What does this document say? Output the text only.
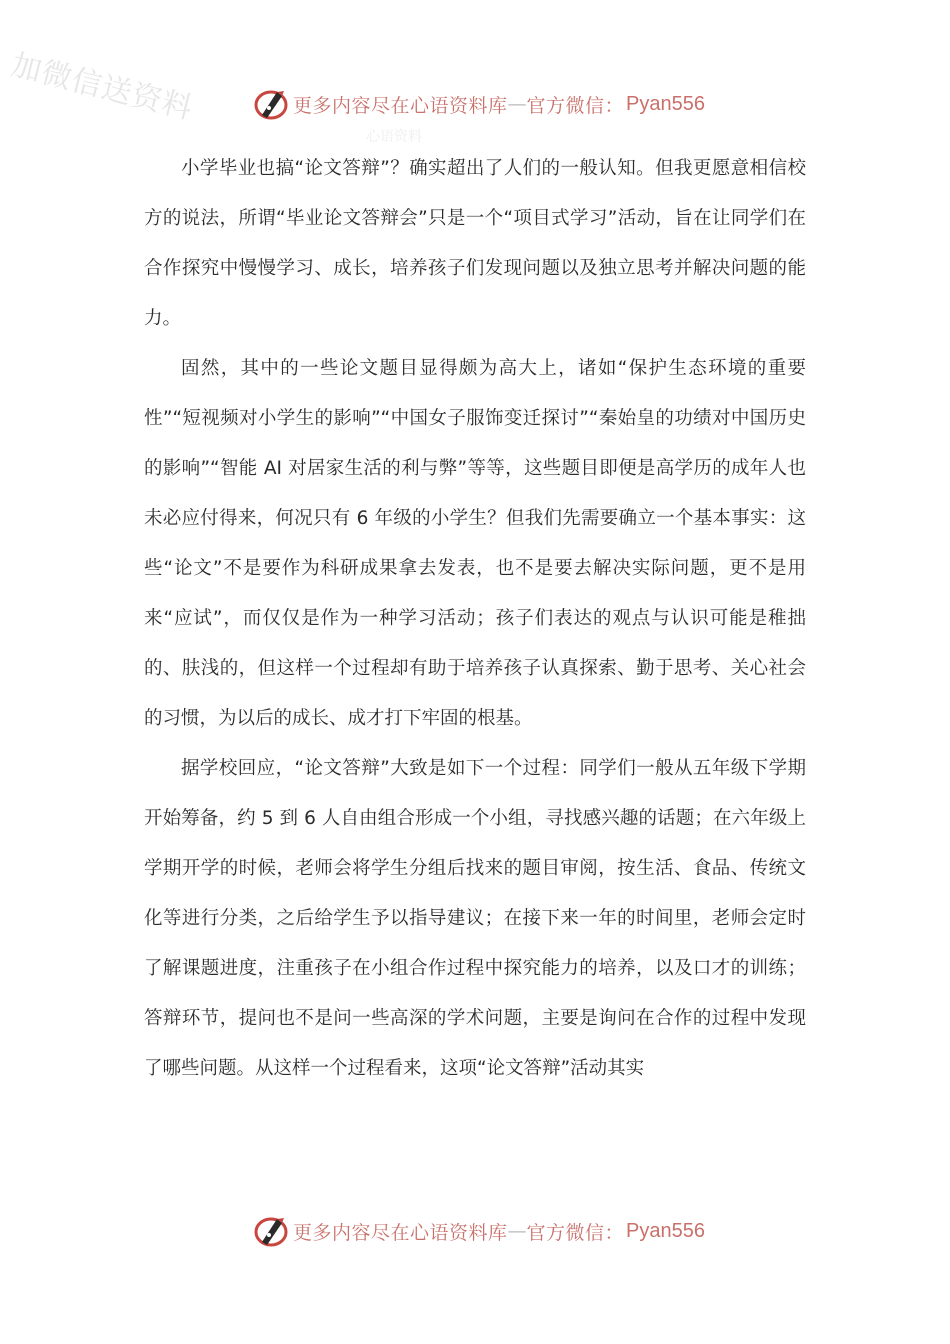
加微信送资料	更多内容尽在心语资料库 — 官方微信： Pyan556
心语资料

小学毕业也搞“论文答辩”？确实超出了人们的一般认知。但我更愿意相信校方的说法，所谓“毕业论文答辩会”只是一个“项目式学习”活动，旨在让同学们在合作探究中慢慢学习、成长，培养孩子们发现问题以及独立思考并解决问题的能力。

固然，其中的一些论文题目显得颇为高大上，诸如“保护生态环境的重要性”“短视频对小学生的影响”“中国女子服饰变迁探讨”“秦始皇的功绩对中国历史的影响”“智能 AI 对居家生活的利与弊”等等，这些题目即便是高学历的成年人也未必应付得来，何况只有 6 年级的小学生？但我们先需要确立一个基本事实：这些“论文”不是要作为科研成果拿去发表，也不是要去解决实际问题，更不是用来“应试”，而仅仅是作为一种学习活动；孩子们表达的观点与认识可能是稚拙的、肤浅的，但这样一个过程却有助于培养孩子认真探索、勤于思考、关心社会的习惯，为以后的成长、成才打下牢固的根基。

据学校回应，“论文答辩”大致是如下一个过程：同学们一般从五年级下学期开始筹备，约 5 到 6 人自由组合形成一个小组，寻找感兴趣的话题；在六年级上学期开学的时候，老师会将学生分组后找来的题目审阅，按生活、食品、传统文化等进行分类，之后给学生予以指导建议；在接下来一年的时间里，老师会定时了解课题进度，注重孩子在小组合作过程中探究能力的培养，以及口才的训练；答辩环节，提问也不是问一些高深的学术问题，主要是询问在合作的过程中发现了哪些问题。从这样一个过程看来，这项“论文答辩”活动其实

更多内容尽在心语资料库 — 官方微信： Pyan556
